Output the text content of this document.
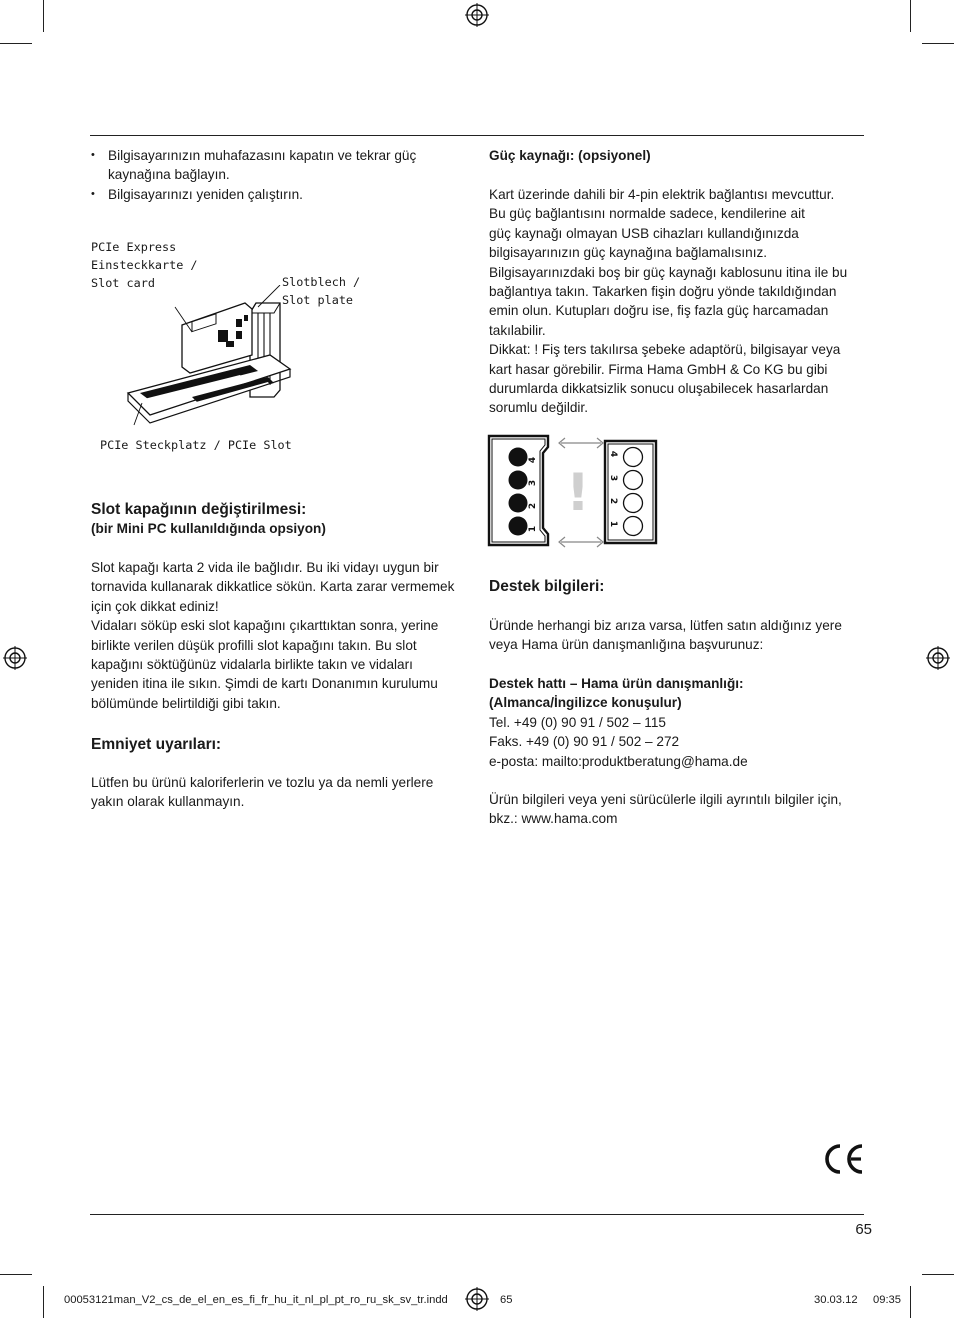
• Bilgisayarınızın muhafazasını kapatın ve tekrar güç
kaynağına bağlayın.
• Bilgisayarınızı yeniden çalıştırın.
PCIe Express
Einsteckkarte /
Slot card	Slotblech /
Slot plate
PCIe Steckplatz / PCIe Slot
Slot kapağının değiştirilmesi:
(bir Mini PC kullanıldığında opsiyon)
Slot kapağı karta 2 vida ile bağlıdır. Bu iki vidayı uygun bir
tornavida kullanarak dikkatlice sökün. Karta zarar vermemek
için çok dikkat ediniz!
Vidaları söküp eski slot kapağını çıkarttıktan sonra, yerine
birlikte verilen düşük profilli slot kapağını takın. Bu slot
kapağını söktüğünüz vidalarla birlikte takın ve vidaları
yeniden itina ile sıkın. Şimdi de kartı Donanımın kurulumu
bölümünde belirtildiği gibi takın.
Emniyet uyarıları:
Lütfen bu ürünü kaloriferlerin ve tozlu ya da nemli yerlere
yakın olarak kullanmayın.
Güç kaynağı: (opsiyonel)
Kart üzerinde dahili bir 4-pin elektrik bağlantısı mevcuttur.
Bu güç bağlantısını normalde sadece, kendilerine ait
güç kaynağı olmayan USB cihazları kullandığınızda
bilgisayarınızın güç kaynağına bağlamalısınız.
Bilgisayarınızdaki boş bir güç kaynağı kablosunu itina ile bu
bağlantıya takın. Takarken fişin doğru yönde takıldığından
emin olun. Kutupları doğru ise, fiş fazla güç harcamadan
takılabilir.
Dikkat: ! Fiş ters takılırsa şebeke adaptörü, bilgisayar veya
kart hasar görebilir. Firma Hama GmbH & Co KG bu gibi
durumlarda dikkatsizlik sonucu oluşabilecek hasarlardan
sorumlu değildir.
4
3
2
1
!
4
3
2
1
Destek bilgileri:
Üründe herhangi biz arıza varsa, lütfen satın aldığınız yere
veya Hama ürün danışmanlığına başvurunuz:
Destek hattı – Hama ürün danışmanlığı:
(Almanca/İngilizce konuşulur)
Tel. +49 (0) 90 91 / 502 – 115
Faks. +49 (0) 90 91 / 502 – 272
e-posta: mailto:produktberatung@hama.de
Ürün bilgileri veya yeni sürücülerle ilgili ayrıntılı bilgiler için,
bkz.: www.hama.com
65
00053121man_V2_cs_de_el_en_es_fi_fr_hu_it_nl_pl_pt_ro_ru_sk_sv_tr.indd	65	30.03.12 09:35
